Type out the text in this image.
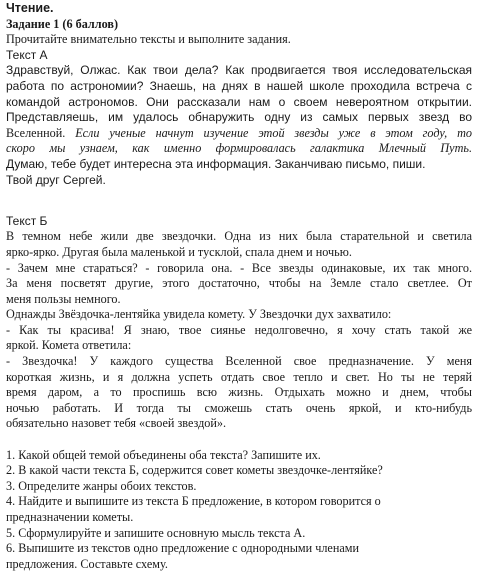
Чтение.

Задание 1 (6 баллов)

Прочитайте внимательно тексты и выполните задания.

Текст А

Здравствуй, Олжас. Как твои дела? Как продвигается твоя исследовательская
работа по астрономии? Знаешь, на днях в нашей школе проходила встреча с
командой астрономов. Они рассказали нам о своем невероятном открытии.
Представляешь, им удалось обнаружить одну из самых первых звезд во
Вселенной. Если ученые начнут изучение этой звезды уже в этом году, то
скоро мы узнаем, как именно формировалась галактика Млечный Путь.

Думаю, тебе будет интересна эта информация. Заканчиваю письмо, пиши.

Твой друг Сергей.

Текст Б

В темном небе жили две звездочки. Одна из них была старательной и светила
ярко-ярко. Другая была маленькой и тусклой, спала днем и ночью.
- Зачем мне стараться? - говорила она. - Все звезды одинаковые, их так много.
За меня посветят другие, этого достаточно, чтобы на Земле стало светлее. От
меня пользы немного.
Однажды Звёздочка-лентяйка увидела комету. У Звездочки дух захватило:
- Как ты красива! Я знаю, твое сиянье недолговечно, я хочу стать такой же
яркой. Комета ответила:
- Звездочка! У каждого существа Вселенной свое предназначение. У меня
короткая жизнь, и я должна успеть отдать свое тепло и свет. Но ты не теряй
время даром, а то проспишь всю жизнь. Отдыхать можно и днем, чтобы
ночью работать. И тогда ты сможешь стать очень яркой, и кто-нибудь
обязательно назовет тебя «своей звездой».

1. Какой общей темой объединены оба текста? Запишите их.

2. В какой части текста Б, содержится совет кометы звездочке-лентяйке?

3. Определите жанры обоих текстов.

4. Найдите и выпишите из текста Б предложение, в котором говорится о

предназначении кометы.

5. Сформулируйте и запишите основную мысль текста А.

6. Выпишите из текстов одно предложение с однородными членами

предложения. Составьте схему.
